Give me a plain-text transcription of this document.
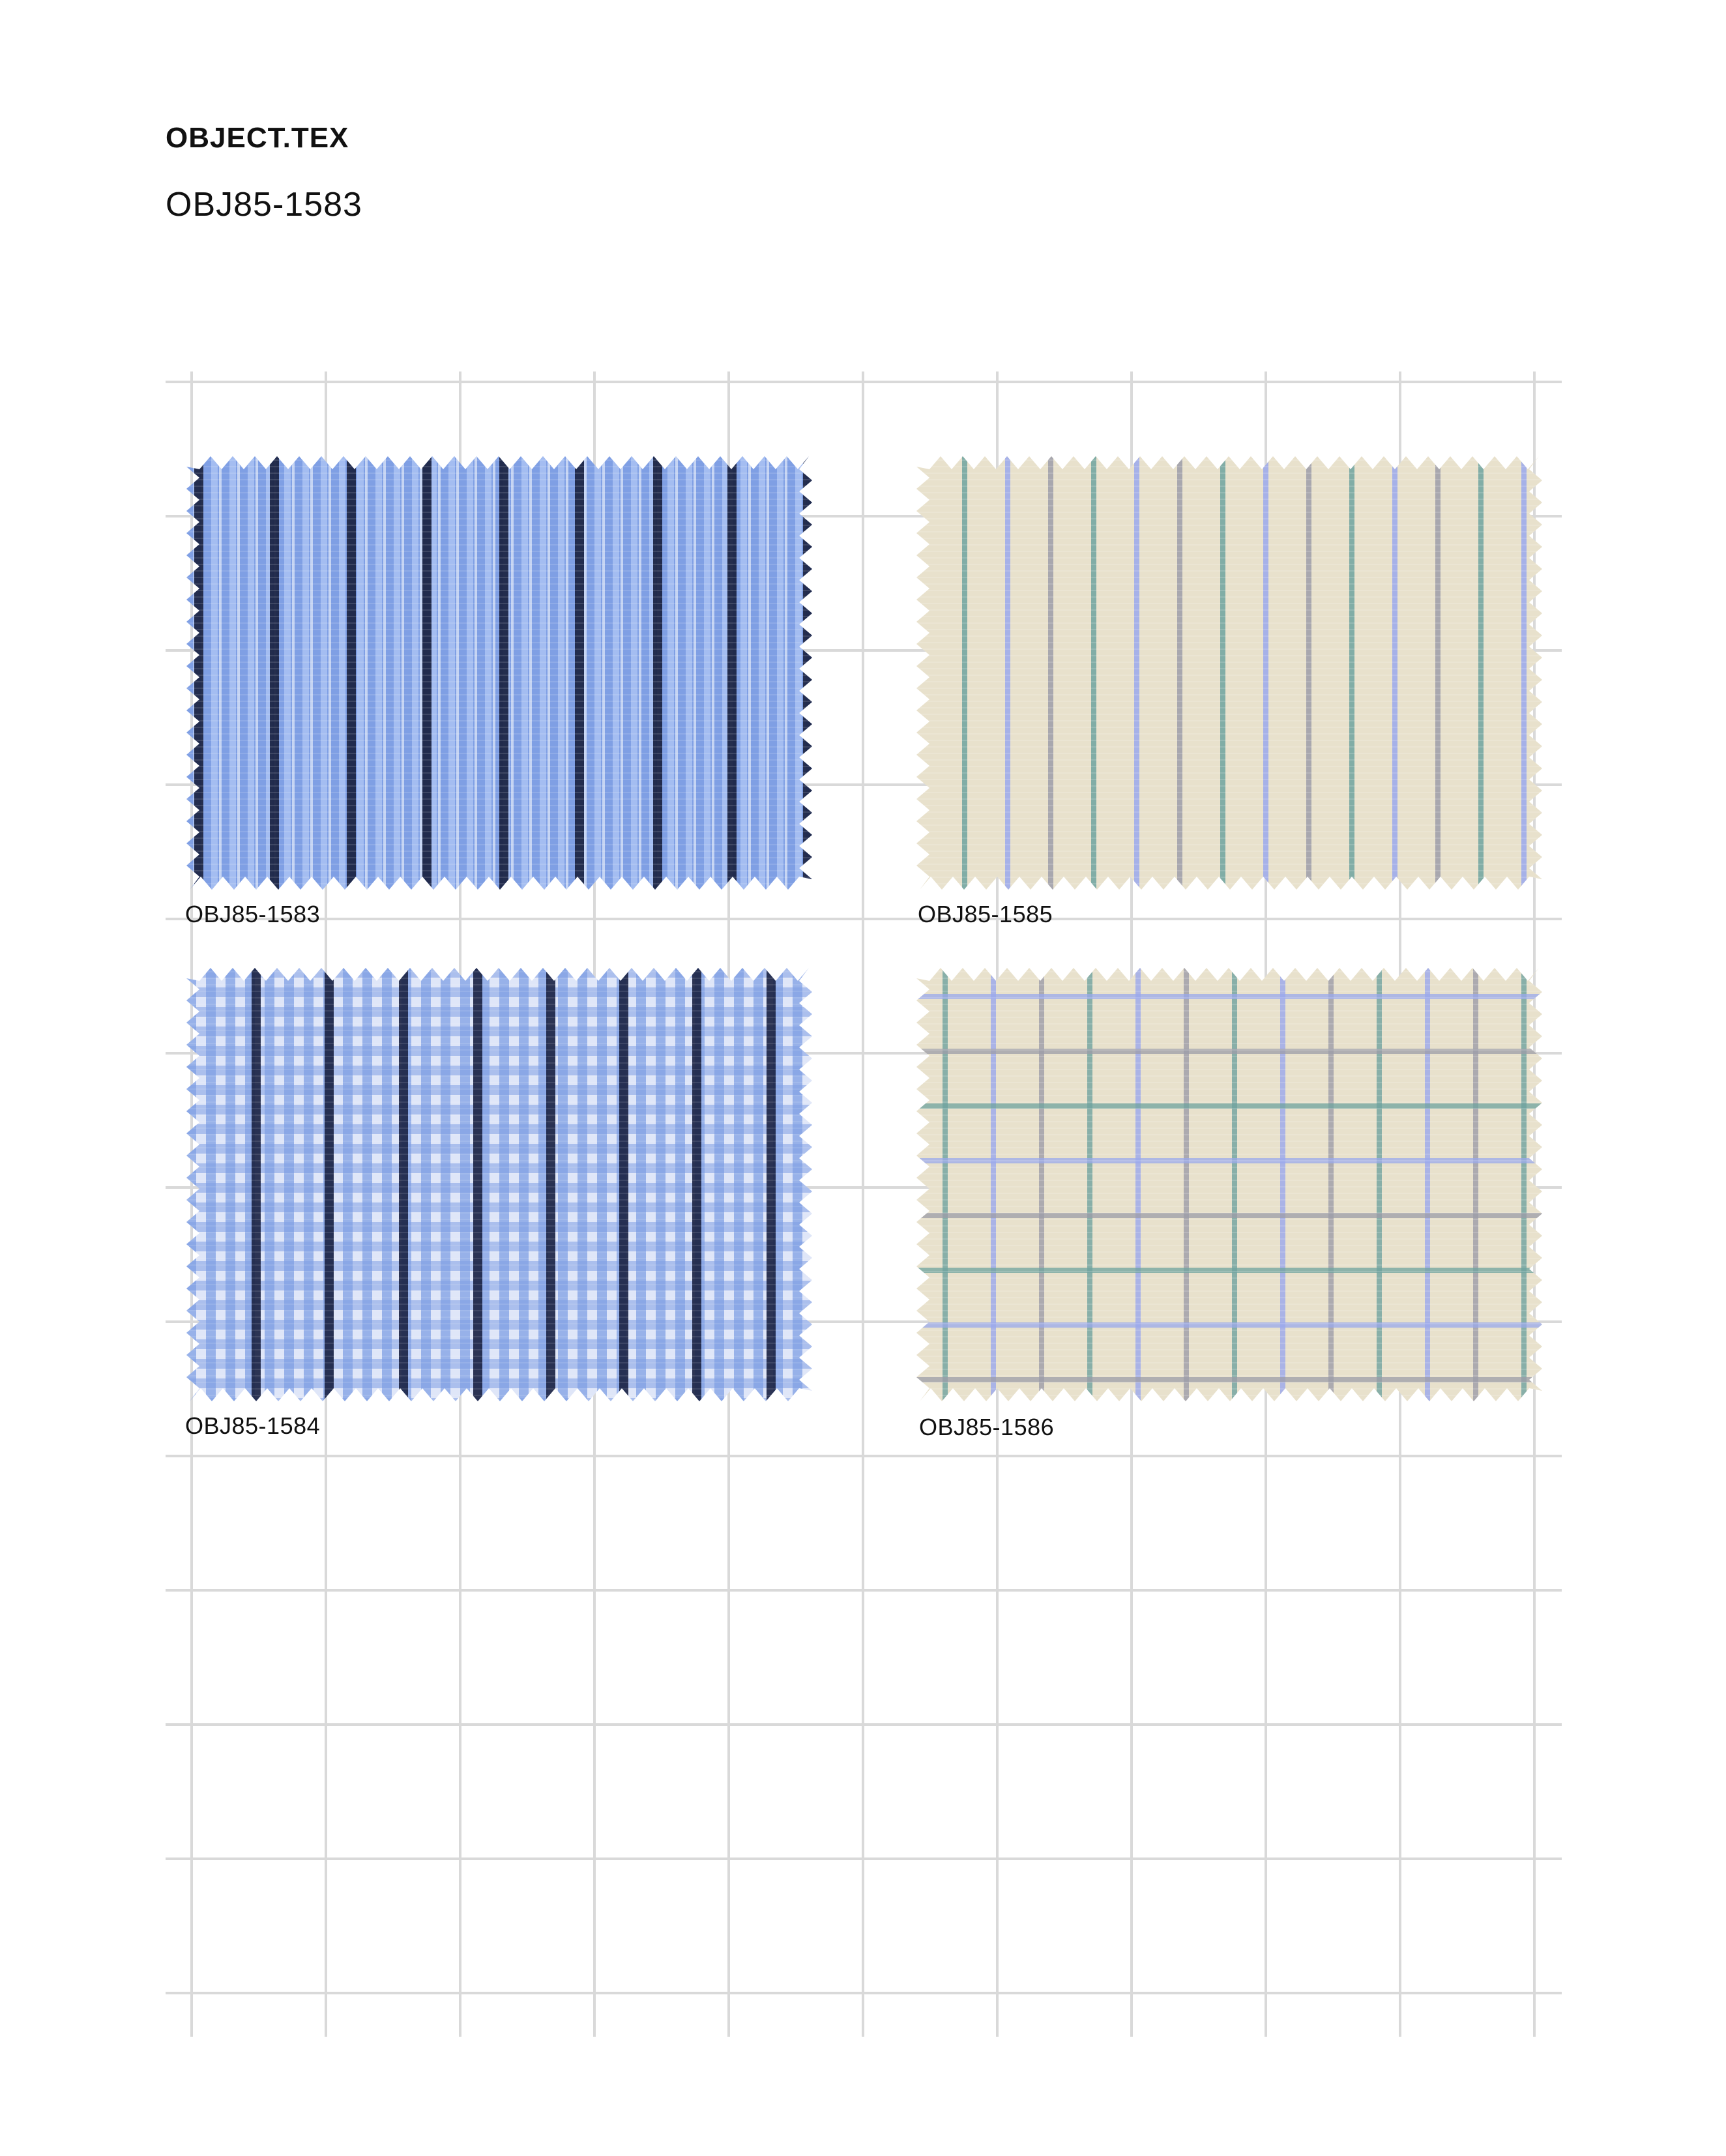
OBJECT.TEX
OBJ85-1583
OBJ85-1583	OBJ85-1585
OBJ85-1584	OBJ85-1586
